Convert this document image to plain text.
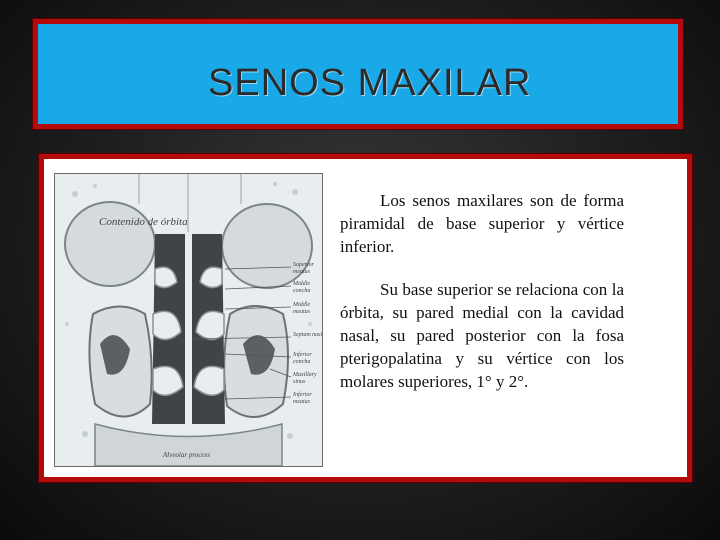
SENOS MAXILAR
Contenido de órbita
Superior meatus
Middle concha
Middle meatus
Septum nasi
Inferior concha
Maxillary sinus
Inferior meatus
Alveolar process

Los senos maxilares son de forma piramidal de base superior y vértice inferior.

Su base superior se relaciona con la órbita, su pared medial con la cavidad nasal, su pared posterior con la fosa pterigopalatina y su vértice con los molares superiores, 1° y 2°.
